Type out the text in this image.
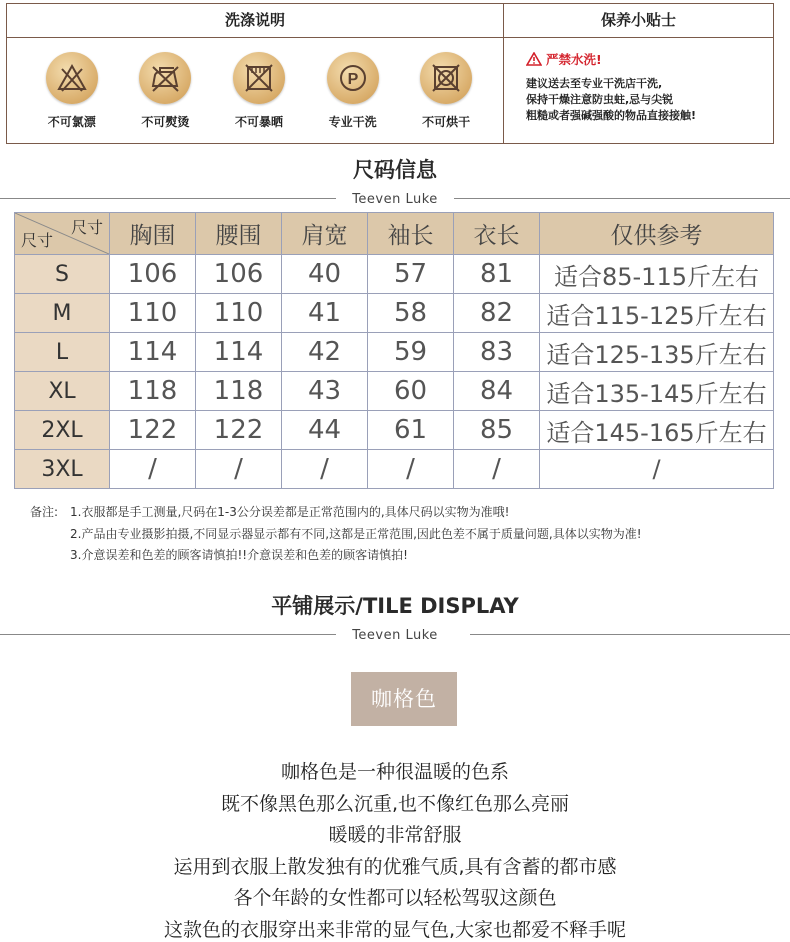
洗涤说明
不可氯漂	不可熨烫	不可暴晒
P
专业干洗	不可烘干
保养小贴士
严禁水洗!
建议送去至专业干洗店干洗,
保持干燥注意防虫蛀,忌与尖锐
粗糙或者强碱强酸的物品直接接触!
尺码信息
Teeven Luke
尺寸
尺寸	胸围	腰围	肩宽	袖长	衣长	仅供参考
S	106	106	40	57	81	适合85-115斤左右
M	110	110	41	58	82	适合115-125斤左右
L	114	114	42	59	83	适合125-135斤左右
XL	118	118	43	60	84	适合135-145斤左右
2XL	122	122	44	61	85	适合145-165斤左右
3XL	/	/	/	/	/	/
备注: 1.衣服都是手工测量,尺码在1-3公分误差都是正常范围内的,具体尺码以实物为准哦!
2.产品由专业摄影拍摄,不同显示器显示都有不同,这都是正常范围,因此色差不属于质量问题,具体以实物为准!
3.介意误差和色差的顾客请慎拍!!介意误差和色差的顾客请慎拍!
平铺展示/TILE DISPLAY
Teeven Luke
咖格色
咖格色是一种很温暖的色系
既不像黑色那么沉重,也不像红色那么亮丽
暖暖的非常舒服
运用到衣服上散发独有的优雅气质,具有含蓄的都市感
各个年龄的女性都可以轻松驾驭这颜色
这款色的衣服穿出来非常的显气色,大家也都爱不释手呢
